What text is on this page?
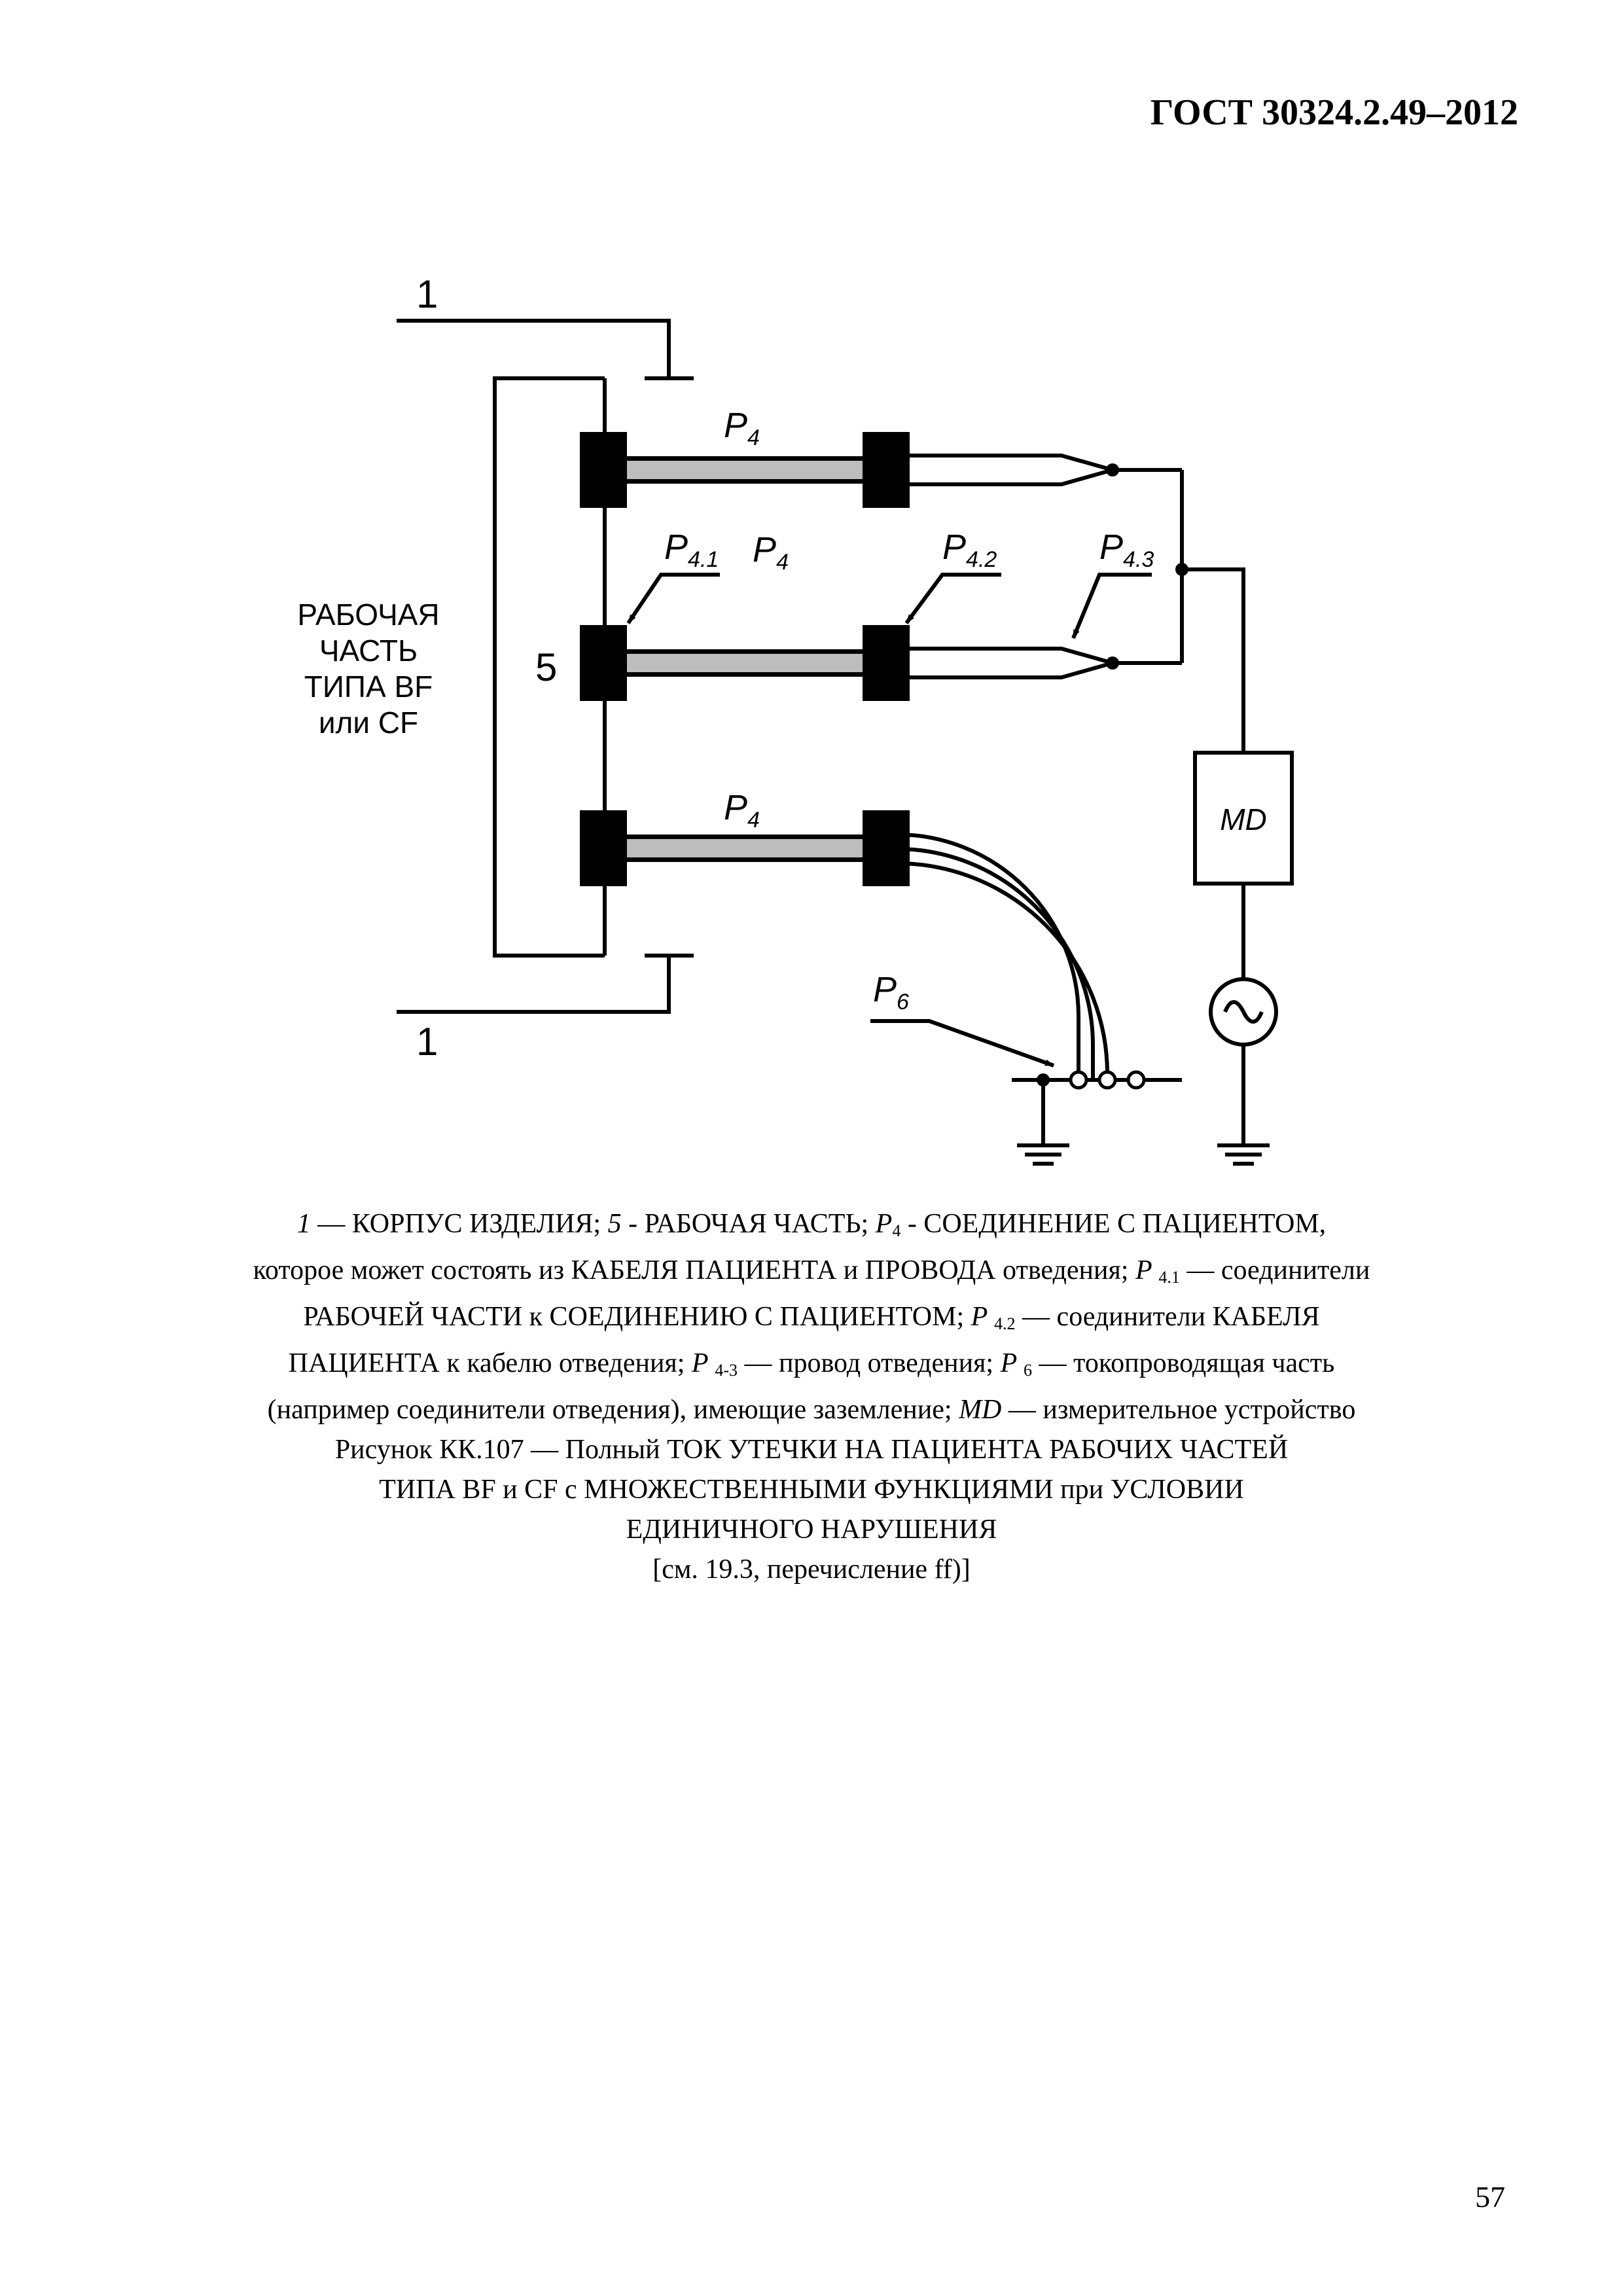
ГОСТ 30324.2.49–2012
1
1
5
РАБОЧАЯ
ЧАСТЬ
ТИПА BF
или CF
$P_4$
$P_4$
$P_4$
$P_{4.1}$	$P_{4.2}$	$P_{4.3}$
$P_6$
MD
1 — КОРПУС ИЗДЕЛИЯ; 5 - РАБОЧАЯ ЧАСТЬ; $P_4$ - СОЕДИНЕНИЕ С ПАЦИЕНТОМ,
которое может состоять из КАБЕЛЯ ПАЦИЕНТА и ПРОВОДА отведения; P $_{4.1}$ — соединители
РАБОЧЕЙ ЧАСТИ к СОЕДИНЕНИЮ С ПАЦИЕНТОМ; P $_{4.2}$ — соединители КАБЕЛЯ
ПАЦИЕНТА к кабелю отведения; P $_{4-3}$ — провод отведения; P $_6$ — токопроводящая часть
(например соединители отведения), имеющие заземление; MD — измерительное устройство
Рисунок КК.107 — Полный ТОК УТЕЧКИ НА ПАЦИЕНТА РАБОЧИХ ЧАСТЕЙ
ТИПА BF и CF с МНОЖЕСТВЕННЫМИ ФУНКЦИЯМИ при УСЛОВИИ
ЕДИНИЧНОГО НАРУШЕНИЯ
[см. 19.3, перечисление ff)]
57
